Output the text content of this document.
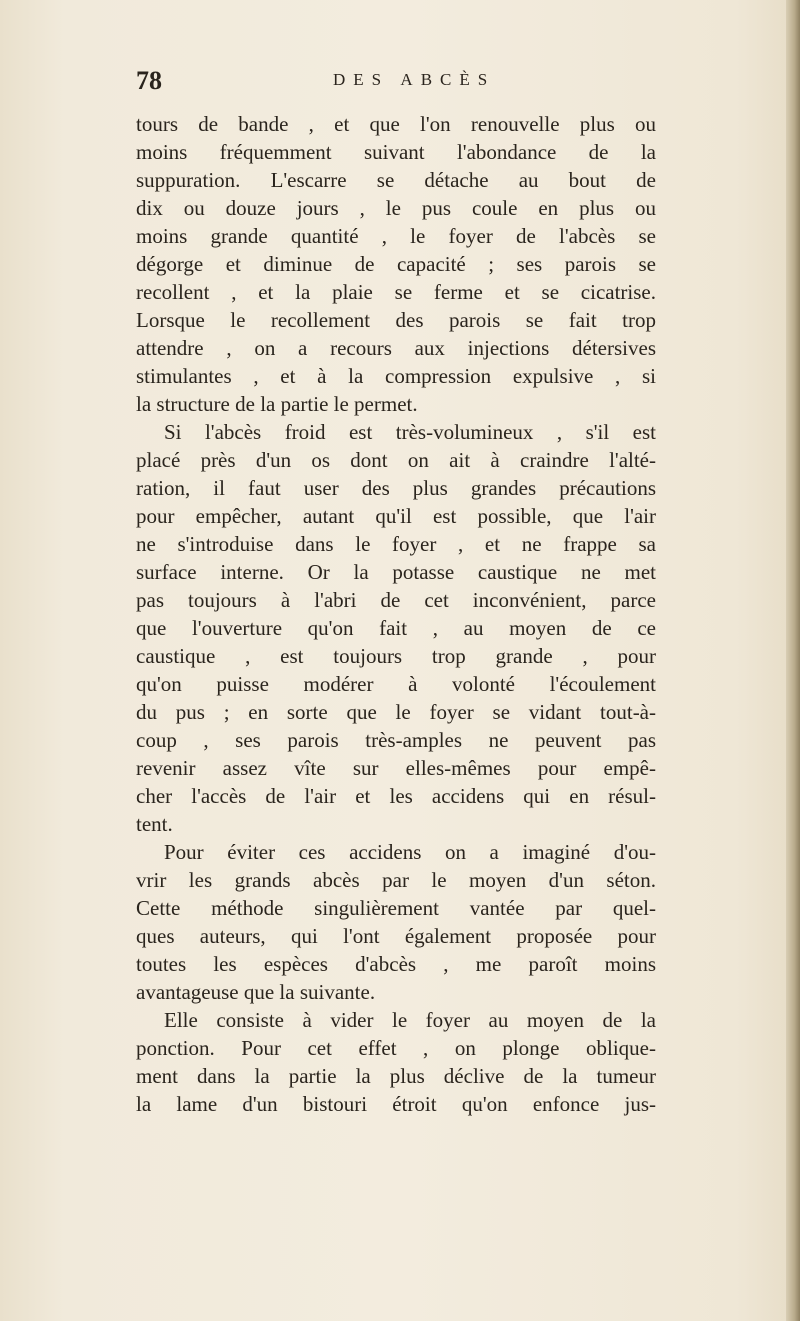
78	DES ABCÈS
tours de bande , et que l'on renouvelle plus ou
moins fréquemment suivant l'abondance de la
suppuration. L'escarre se détache au bout de
dix ou douze jours , le pus coule en plus ou
moins grande quantité , le foyer de l'abcès se
dégorge et diminue de capacité ; ses parois se
recollent , et la plaie se ferme et se cicatrise.
Lorsque le recollement des parois se fait trop
attendre , on a recours aux injections détersives
stimulantes , et à la compression expulsive , si
la structure de la partie le permet.
Si l'abcès froid est très-volumineux , s'il est
placé près d'un os dont on ait à craindre l'alté-
ration, il faut user des plus grandes précautions
pour empêcher, autant qu'il est possible, que l'air
ne s'introduise dans le foyer , et ne frappe sa
surface interne. Or la potasse caustique ne met
pas toujours à l'abri de cet inconvénient, parce
que l'ouverture qu'on fait , au moyen de ce
caustique , est toujours trop grande , pour
qu'on puisse modérer à volonté l'écoulement
du pus ; en sorte que le foyer se vidant tout-à-
coup , ses parois très-amples ne peuvent pas
revenir assez vîte sur elles-mêmes pour empê-
cher l'accès de l'air et les accidens qui en résul-
tent.
Pour éviter ces accidens on a imaginé d'ou-
vrir les grands abcès par le moyen d'un séton.
Cette méthode singulièrement vantée par quel-
ques auteurs, qui l'ont également proposée pour
toutes les espèces d'abcès , me paroît moins
avantageuse que la suivante.
Elle consiste à vider le foyer au moyen de la
ponction. Pour cet effet , on plonge oblique-
ment dans la partie la plus déclive de la tumeur
la lame d'un bistouri étroit qu'on enfonce jus-
